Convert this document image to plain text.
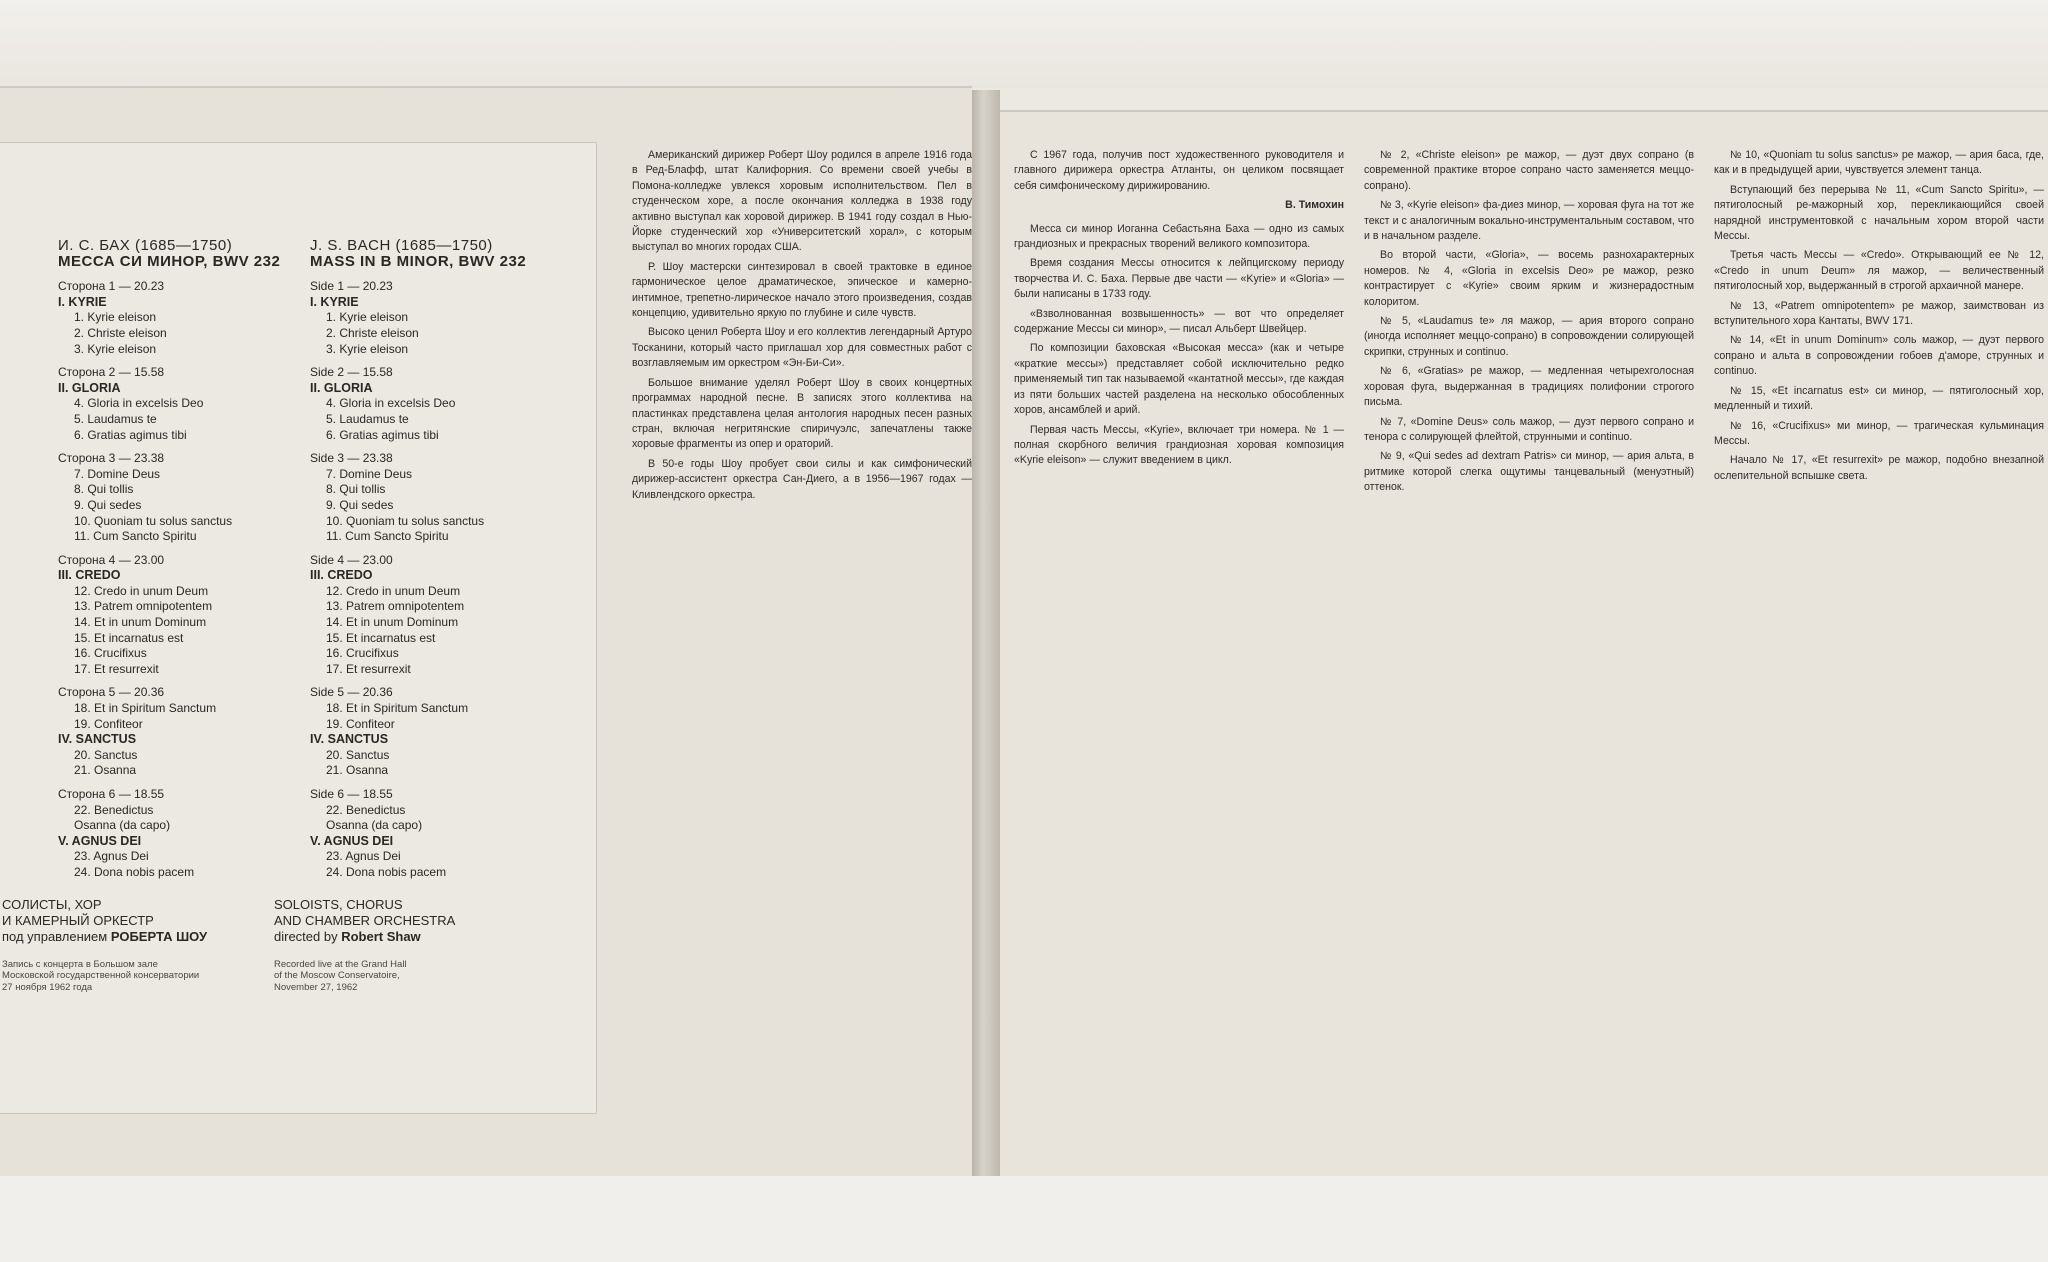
И. С. БАХ (1685—1750)
МЕССА СИ МИНОР, BWV 232
Сторона 1 — 20.23
I. KYRIE
1. Kyrie eleison
2. Christe eleison
3. Kyrie eleison
Сторона 2 — 15.58
II. GLORIA
4. Gloria in excelsis Deo
5. Laudamus te
6. Gratias agimus tibi
Сторона 3 — 23.38
7. Domine Deus
8. Qui tollis
9. Qui sedes
10. Quoniam tu solus sanctus
11. Cum Sancto Spiritu
Сторона 4 — 23.00
III. CREDO
12. Credo in unum Deum
13. Patrem omnipotentem
14. Et in unum Dominum
15. Et incarnatus est
16. Crucifixus
17. Et resurrexit
Сторона 5 — 20.36
18. Et in Spiritum Sanctum
19. Confiteor
IV. SANCTUS
20. Sanctus
21. Osanna
Сторона 6 — 18.55
22. Benedictus
Osanna (da capo)
V. AGNUS DEI
23. Agnus Dei
24. Dona nobis pacem
СОЛИСТЫ, ХОР
И КАМЕРНЫЙ ОРКЕСТР
под управлением РОБЕРТА ШОУ
Запись с концерта в Большом зале
Московской государственной консерватории
27 ноября 1962 года
J. S. BACH (1685—1750)
MASS IN B MINOR, BWV 232
Side 1 — 20.23
I. KYRIE
1. Kyrie eleison
2. Christe eleison
3. Kyrie eleison
Side 2 — 15.58
II. GLORIA
4. Gloria in excelsis Deo
5. Laudamus te
6. Gratias agimus tibi
Side 3 — 23.38
7. Domine Deus
8. Qui tollis
9. Qui sedes
10. Quoniam tu solus sanctus
11. Cum Sancto Spiritu
Side 4 — 23.00
III. CREDO
12. Credo in unum Deum
13. Patrem omnipotentem
14. Et in unum Dominum
15. Et incarnatus est
16. Crucifixus
17. Et resurrexit
Side 5 — 20.36
18. Et in Spiritum Sanctum
19. Confiteor
IV. SANCTUS
20. Sanctus
21. Osanna
Side 6 — 18.55
22. Benedictus
Osanna (da capo)
V. AGNUS DEI
23. Agnus Dei
24. Dona nobis pacem
SOLOISTS, CHORUS
AND CHAMBER ORCHESTRA
directed by Robert Shaw
Recorded live at the Grand Hall
of the Moscow Conservatoire,
November 27, 1962

Американский дирижер Роберт Шоу родился в апреле 1916 года в Ред-Блафф, штат Калифорния. Со времени своей учебы в Помона-колледже увлекся хоровым исполнительством. Пел в студенческом хоре, а после окончания колледжа в 1938 году активно выступал как хоровой дирижер. В 1941 году создал в Нью-Йорке студенческий хор «Университетский хорал», с которым выступал во многих городах США.

Р. Шоу мастерски синтезировал в своей трактовке в единое гармоническое целое драматическое, эпическое и камерно-интимное, трепетно-лирическое начало этого произведения, создав концепцию, удивительно яркую по глубине и силе чувств.

Высоко ценил Роберта Шоу и его коллектив легендарный Артуро Тосканини, который часто приглашал хор для совместных работ с возглавляемым им оркестром «Эн-Би-Си».

Большое внимание уделял Роберт Шоу в своих концертных программах народной песне. В записях этого коллектива на пластинках представлена целая антология народных песен разных стран, включая негритянские спиричуэлс, запечатлены также хоровые фрагменты из опер и ораторий.

В 50-е годы Шоу пробует свои силы и как симфонический дирижер-ассистент оркестра Сан-Диего, а в 1956—1967 годах — Кливлендского оркестра.

С 1967 года, получив пост художественного руководителя и главного дирижера оркестра Атланты, он целиком посвящает себя симфоническому дирижированию.

В. Тимохин

Месса си минор Иоганна Себастьяна Баха — одно из самых грандиозных и прекрасных творений великого композитора.

Время создания Мессы относится к лейпцигскому периоду творчества И. С. Баха. Первые две части — «Kyrie» и «Gloria» — были написаны в 1733 году.

«Взволнованная возвышенность» — вот что определяет содержание Мессы си минор», — писал Альберт Швейцер.

По композиции баховская «Высокая месса» (как и четыре «краткие мессы») представляет собой исключительно редко применяемый тип так называемой «кантатной мессы», где каждая из пяти больших частей разделена на несколько обособленных хоров, ансамблей и арий.

Первая часть Мессы, «Kyrie», включает три номера. № 1 — полная скорбного величия грандиозная хоровая композиция «Kyrie eleison» — служит введением в цикл.

№ 2, «Christe eleison» ре мажор, — дуэт двух сопрано (в современной практике второе сопрано часто заменяется меццо-сопрано).

№ 3, «Kyrie eleison» фа-диез минор, — хоровая фуга на тот же текст и с аналогичным вокально-инструментальным составом, что и в начальном разделе.

Во второй части, «Gloria», — восемь разнохарактерных номеров. № 4, «Gloria in excelsis Deo» ре мажор, резко контрастирует с «Kyrie» своим ярким и жизнерадостным колоритом.

№ 5, «Laudamus te» ля мажор, — ария второго сопрано (иногда исполняет меццо-сопрано) в сопровождении солирующей скрипки, струнных и continuo.

№ 6, «Gratias» ре мажор, — медленная четырехголосная хоровая фуга, выдержанная в традициях полифонии строгого письма.

№ 7, «Domine Deus» соль мажор, — дуэт первого сопрано и тенора с солирующей флейтой, струнными и continuo.

№ 9, «Qui sedes ad dextram Patris» си минор, — ария альта, в ритмике которой слегка ощутимы танцевальный (менуэтный) оттенок.

№ 10, «Quoniam tu solus sanctus» ре мажор, — ария баса, где, как и в предыдущей арии, чувствуется элемент танца.

Вступающий без перерыва № 11, «Cum Sancto Spiritu», — пятиголосный ре-мажорный хор, перекликающийся своей нарядной инструментовкой с начальным хором второй части Мессы.

Третья часть Мессы — «Credo». Открывающий ее № 12, «Credo in unum Deum» ля мажор, — величественный пятиголосный хор, выдержанный в строгой архаичной манере.

№ 13, «Patrem omnipotentem» ре мажор, заимствован из вступительного хора Кантаты, BWV 171.

№ 14, «Et in unum Dominum» соль мажор, — дуэт первого сопрано и альта в сопровождении гобоев д'аморе, струнных и continuo.

№ 15, «Et incarnatus est» си минор, — пятиголосный хор, медленный и тихий.

№ 16, «Crucifixus» ми минор, — трагическая кульминация Мессы.

Начало № 17, «Et resurrexit» ре мажор, подобно внезапной ослепительной вспышке света.
